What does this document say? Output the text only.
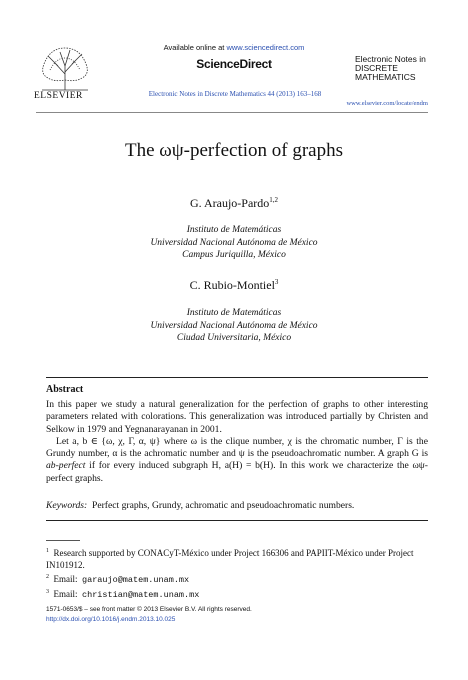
ELSEVIER
Available online at www.sciencedirect.com
ScienceDirect
Electronic Notes in Discrete Mathematics 44 (2013) 163–168
Electronic Notes in
DISCRETE
MATHEMATICS
www.elsevier.com/locate/endm
The ωψ-perfection of graphs
G. Araujo-Pardo$^{1,2}$
Instituto de Matemáticas
Universidad Nacional Autónoma de México
Campus Juriquilla, México
C. Rubio-Montiel$^3$
Instituto de Matemáticas
Universidad Nacional Autónoma de México
Ciudad Universitaria, México
Abstract

In this paper we study a natural generalization for the perfection of graphs to other interesting parameters related with colorations. This generalization was introduced partially by Christen and Selkow in 1979 and Yegnanarayanan in 2001.

Let a, b ∈ {ω, χ, Γ, α, ψ} where ω is the clique number, χ is the chromatic number, Γ is the Grundy number, α is the achromatic number and ψ is the pseudoachromatic number. A graph G is ab-perfect if for every induced subgraph H, a(H) = b(H). In this work we characterize the ωψ-perfect graphs.

Keywords: Perfect graphs, Grundy, achromatic and pseudoachromatic numbers.
$^1$ Research supported by CONACyT-México under Project 166306 and PAPIIT-México under Project IN101912.
$^2$ Email: garaujo@matem.unam.mx
$^3$ Email: christian@matem.unam.mx
1571-0653/$ – see front matter © 2013 Elsevier B.V. All rights reserved.
http://dx.doi.org/10.1016/j.endm.2013.10.025
